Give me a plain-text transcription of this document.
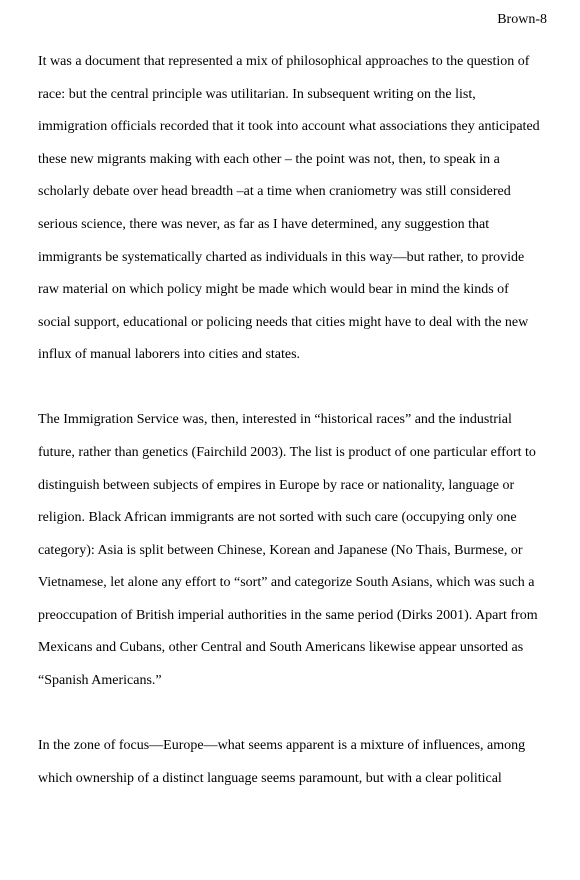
Brown-8
It was a document that represented a mix of philosophical approaches to the question of
race: but the central principle was utilitarian. In subsequent writing on the list,
immigration officials recorded that it took into account what associations they anticipated
these new migrants making with each other – the point was not, then, to speak in a
scholarly debate over head breadth –at a time when craniometry was still considered
serious science, there was never, as far as I have determined, any suggestion that
immigrants be systematically charted as individuals in this way—but rather, to provide
raw material on which policy might be made which would bear in mind the kinds of
social support, educational or policing needs that cities might have to deal with the new
influx of manual laborers into cities and states.
The Immigration Service was, then, interested in “historical races” and the industrial
future, rather than genetics (Fairchild 2003). The list is product of one particular effort to
distinguish between subjects of empires in Europe by race or nationality, language or
religion. Black African immigrants are not sorted with such care (occupying only one
category): Asia is split between Chinese, Korean and Japanese (No Thais, Burmese, or
Vietnamese, let alone any effort to “sort” and categorize South Asians, which was such a
preoccupation of British imperial authorities in the same period (Dirks 2001). Apart from
Mexicans and Cubans, other Central and South Americans likewise appear unsorted as
“Spanish Americans.”
In the zone of focus—Europe—what seems apparent is a mixture of influences, among
which ownership of a distinct language seems paramount, but with a clear political
